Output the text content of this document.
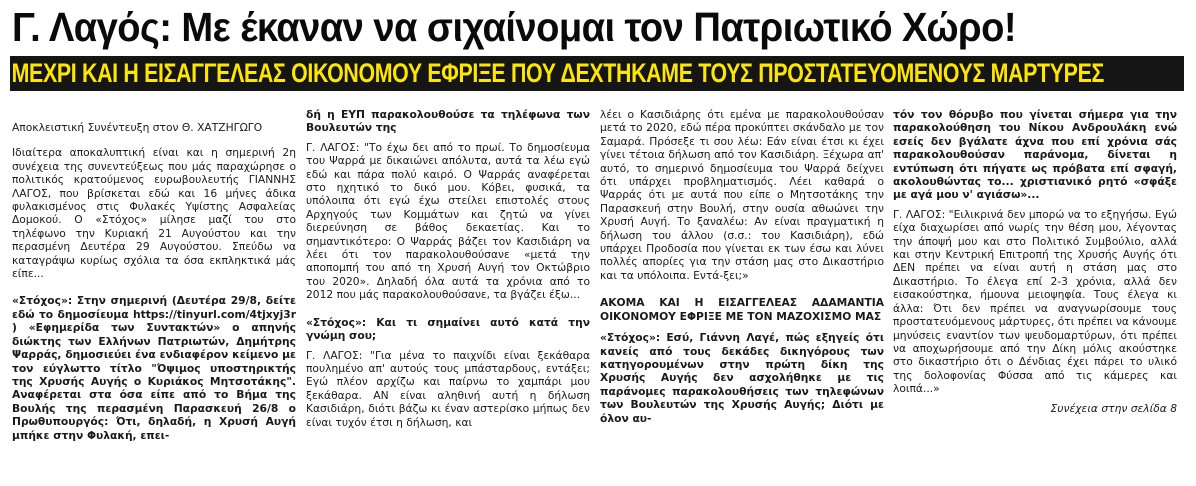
Γ. Λαγός: Με έκαναν να σιχαίνομαι τον Πατριωτικό Χώρο!
ΜΕΧΡΙ ΚΑΙ Η ΕΙΣΑΓΓΕΛΕΑΣ ΟΙΚΟΝΟΜΟΥ ΕΦΡΙΞΕ ΠΟΥ ΔΕΧΤΗΚΑΜΕ ΤΟΥΣ ΠΡΟΣΤΑΤΕΥΟΜΕΝΟΥΣ ΜΑΡΤΥΡΕΣ

Αποκλειστική Συνέντευξη στον Θ. ΧΑΤΖΗΓΩΓΟ

Ιδιαίτερα αποκαλυπτική είναι και η σημερινή 2η συνέχεια της συνεντεύξεως που μάς παραχώρησε ο πολιτικός κρατούμενος ευρωβουλευτής ΓΙΑΝΝΗΣ ΛΑΓΟΣ, που βρίσκεται εδώ και 16 μήνες άδικα φυλακισμένος στις Φυλακές Υψίστης Ασφαλείας Δομοκού. Ο «Στόχος» μίλησε μαζί του στο τηλέφωνο την Κυριακή 21 Αυγούστου και την περασμένη Δευτέρα 29 Αυγούστου. Σπεύδω να καταγράψω κυρίως σχόλια τα όσα εκπληκτικά μάς είπε...

«Στόχος»: Στην σημερινή (Δευτέρα 29/8, δείτε εδώ το δημοσίευμα https://tinyurl.com/4tjxyj3r ) «Εφημερίδα των Συντακτών» ο απηνής διώκτης των Ελλήνων Πατριωτών, Δημήτρης Ψαρράς, δημοσιεύει ένα ενδιαφέρον κείμενο με τον εύγλωττο τίτλο "Όψιμος υποστηρικτής της Χρυσής Αυγής ο Κυριάκος Μητσοτάκης". Αναφέρεται στα όσα είπε από το Βήμα της Βουλής της περασμένη Παρασκευή 26/8 ο Πρωθυπουργός: Ότι, δηλαδή, η Χρυσή Αυγή μπήκε στην Φυλακή, επει-

δή η ΕΥΠ παρακολουθούσε τα τηλέφωνα των Βουλευτών της

Γ. ΛΑΓΟΣ: "Το έχω δει από το πρωί. Το δημοσίευμα του Ψαρρά με δικαιώνει απόλυτα, αυτά τα λέω εγώ εδώ και πάρα πολύ καιρό. Ο Ψαρράς αναφέρεται στο ηχητικό το δικό μου. Κόβει, φυσικά, τα υπόλοιπα ότι εγώ έχω στείλει επιστολές στους Αρχηγούς των Κομμάτων και ζητώ να γίνει διερεύνηση σε βάθος δεκαετίας. Και το σημαντικότερο: Ο Ψαρράς βάζει τον Κασιδιάρη να λέει ότι τον παρακολουθούσανε «μετά την αποπομπή του από τη Χρυσή Αυγή τον Οκτώβριο του 2020». Δηλαδή όλα αυτά τα χρόνια από το 2012 που μάς παρακολουθούσανε, τα βγάζει έξω...

«Στόχος»: Και τι σημαίνει αυτό κατά την γνώμη σου;

Γ. ΛΑΓΟΣ: "Για μένα το παιχνίδι είναι ξεκάθαρα πουλημένο απ' αυτούς τους μπάσταρδους, εντάξει; Εγώ πλέον αρχίζω και παίρνω το χαμπάρι μου ξεκάθαρα. ΑΝ είναι αληθινή αυτή η δήλωση Κασιδιάρη, διότι βάζω κι έναν αστερίσκο μήπως δεν είναι τυχόν έτσι η δήλωση, και

λέει ο Κασιδιάρης ότι εμένα με παρακολουθούσαν μετά το 2020, εδώ πέρα προκύπτει σκάνδαλο με τον Σαμαρά. Πρόσεξε τι σου λέω: Εάν είναι έτσι κι έχει γίνει τέτοια δήλωση από τον Κασιδιάρη. Ξέχωρα απ' αυτό, το σημερινό δημοσίευμα του Ψαρρά δείχνει ότι υπάρχει προβληματισμός. Λέει καθαρά ο Ψαρράς ότι με αυτά που είπε ο Μητσοτάκης την Παρασκευή στην Βουλή, στην ουσία αθωώνει την Χρυσή Αυγή. Το ξαναλέω: Αν είναι πραγματική η δήλωση του άλλου (σ.σ.: του Κασιδιάρη), εδώ υπάρχει Προδοσία που γίνεται εκ των έσω και λύνει πολλές απορίες για την στάση μας στο Δικαστήριο και τα υπόλοιπα. Εντά-ξει;»

ΑΚΟΜΑ ΚΑΙ Η ΕΙΣΑΓΓΕΛΕΑΣ ΑΔΑΜΑΝΤΙΑ ΟΙΚΟΝΟΜΟΥ ΕΦΡΙΞΕ ΜΕ ΤΟΝ ΜΑΖΟΧΙΣΜΟ ΜΑΣ

«Στόχος»: Εσύ, Γιάννη Λαγέ, πώς εξηγείς ότι κανείς από τους δεκάδες δικηγόρους των κατηγορουμένων στην πρώτη δίκη της Χρυσής Αυγής δεν ασχολήθηκε με τις παράνομες παρακολουθήσεις των τηλεφώνων των Βουλευτών της Χρυσής Αυγής; Διότι με όλον αυ-

τόν τον θόρυβο που γίνεται σήμερα για την παρακολούθηση του Νίκου Ανδρουλάκη ενώ εσείς δεν βγάλατε άχνα που επί χρόνια σάς παρακολουθούσαν παράνομα, δίνεται η εντύπωση ότι πήγατε ως πρόβατα επί σφαγή, ακολουθώντας το... χριστιανικό ρητό «σφάξε με αγά μου ν' αγιάσω»...

Γ. ΛΑΓΟΣ: "Ειλικρινά δεν μπορώ να το εξηγήσω. Εγώ είχα διαχωρίσει από νωρίς την θέση μου, λέγοντας την άποψή μου και στο Πολιτικό Συμβούλιο, αλλά και στην Κεντρική Επιτροπή της Χρυσής Αυγής ότι ΔΕΝ πρέπει να είναι αυτή η στάση μας στο Δικαστήριο. Το έλεγα επί 2-3 χρόνια, αλλά δεν εισακούστηκα, ήμουνα μειοψηφία. Τους έλεγα κι άλλα: Ότι δεν πρέπει να αναγνωρίσουμε τους προστατευόμενους μάρτυρες, ότι πρέπει να κάνουμε μηνύσεις εναντίον των ψευδομαρτύρων, ότι πρέπει να αποχωρήσουμε από την Δίκη μόλις ακούστηκε στο δικαστήριο ότι ο Δένδιας έχει πάρει το υλικό της δολοφονίας Φύσσα από τις κάμερες και λοιπά...»

Συνέχεια στην σελίδα 8
